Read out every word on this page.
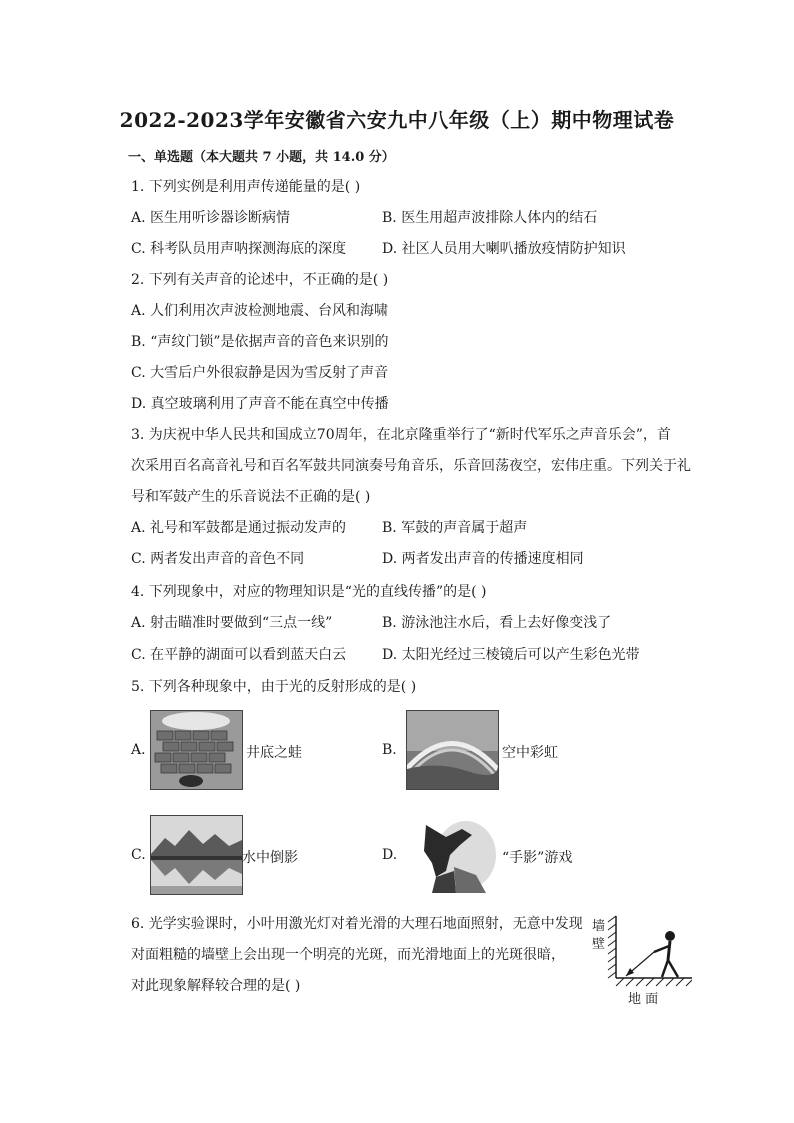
2022-2023学年安徽省六安九中八年级（上）期中物理试卷
一、单选题（本大题共 7 小题，共 14.0 分）
1. 下列实例是利用声传递能量的是( )
A. 医生用听诊器诊断病情	B. 医生用超声波排除人体内的结石
C. 科考队员用声呐探测海底的深度	D. 社区人员用大喇叭播放疫情防护知识
2. 下列有关声音的论述中，不正确的是( )
A. 人们利用次声波检测地震、台风和海啸
B. “声纹门锁”是依据声音的音色来识别的
C. 大雪后户外很寂静是因为雪反射了声音
D. 真空玻璃利用了声音不能在真空中传播
3. 为庆祝中华人民共和国成立70周年，在北京隆重举行了“新时代军乐之声音乐会”，首
次采用百名高音礼号和百名军鼓共同演奏号角音乐，乐音回荡夜空，宏伟庄重。下列关于礼
号和军鼓产生的乐音说法不正确的是( )
A. 礼号和军鼓都是通过振动发声的	B. 军鼓的声音属于超声
C. 两者发出声音的音色不同	D. 两者发出声音的传播速度相同
4. 下列现象中，对应的物理知识是“光的直线传播”的是( )
A. 射击瞄准时要做到“三点一线”	B. 游泳池注水后，看上去好像变浅了
C. 在平静的湖面可以看到蓝天白云	D. 太阳光经过三棱镜后可以产生彩色光带
5. 下列各种现象中，由于光的反射形成的是( )
A.	井底之蛙	B.	空中彩虹
C.	水中倒影	D.	“手影”游戏
6. 光学实验课时，小叶用激光灯对着光滑的大理石地面照射，无意中发现
对面粗糙的墙壁上会出现一个明亮的光斑，而光滑地面上的光斑很暗，
对此现象解释较合理的是( )
墙壁
地 面
